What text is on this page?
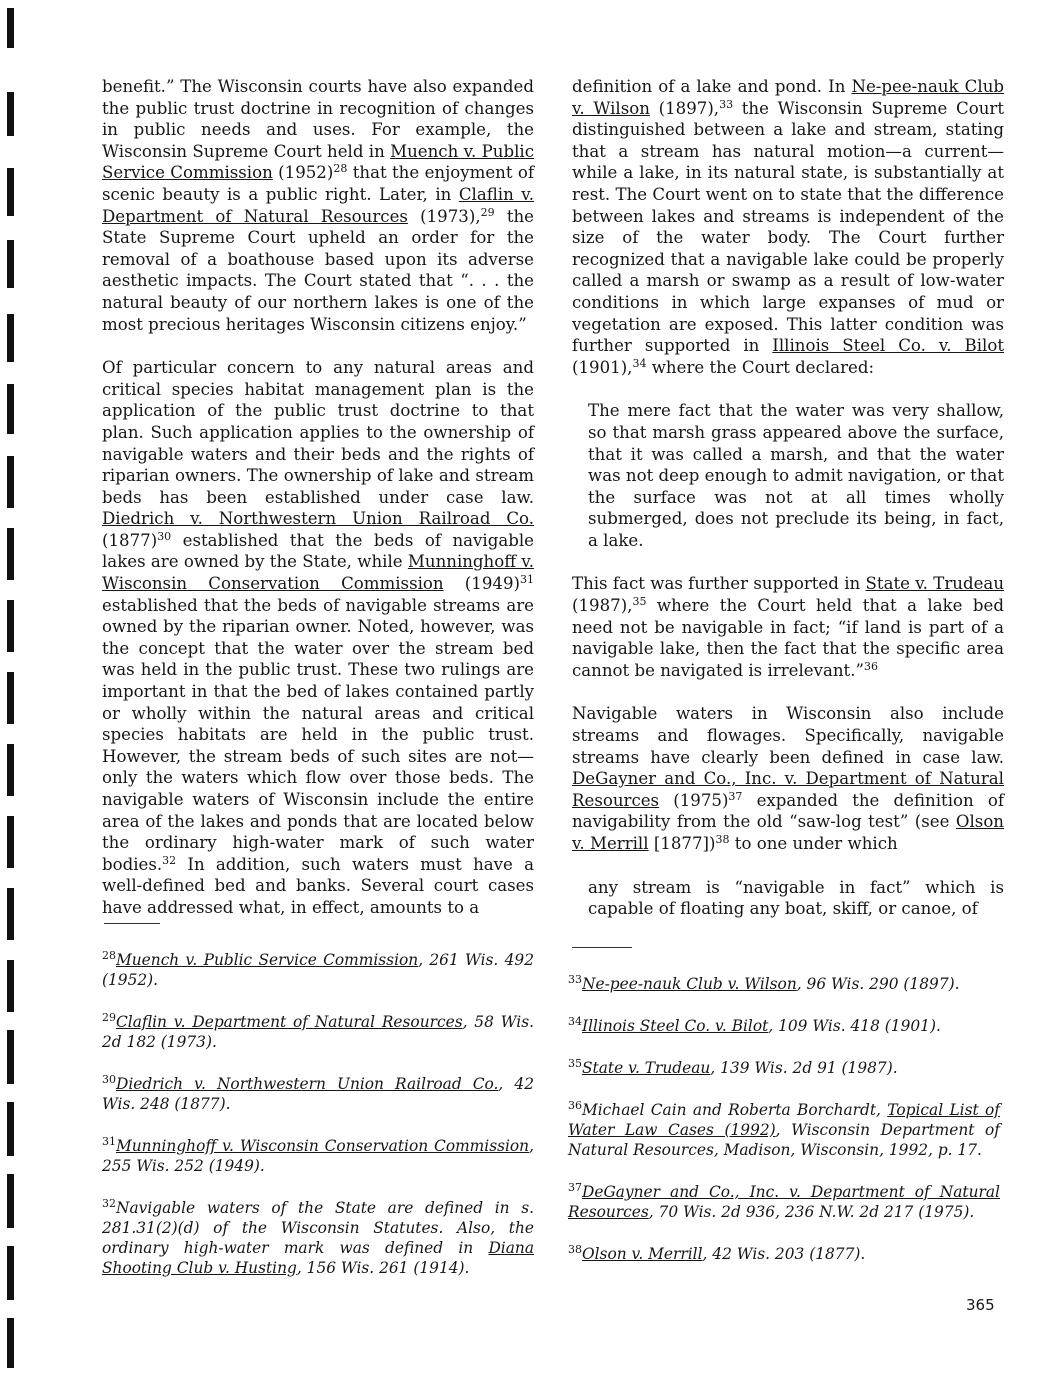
benefit.” The Wisconsin courts have also expanded the public trust doctrine in recognition of changes in public needs and uses. For example, the Wisconsin Supreme Court held in Muench v. Public Service Commission $(1952)^{28}$ that the enjoyment of scenic beauty is a public right. Later, in Claflin v. Department of Natural Resources (1973),$^{29}$ the State Supreme Court upheld an order for the removal of a boathouse based upon its adverse aesthetic impacts. The Court stated that “. . . the natural beauty of our northern lakes is one of the most precious heritages Wisconsin citizens enjoy.”

Of particular concern to any natural areas and critical species habitat management plan is the application of the public trust doctrine to that plan. Such application applies to the ownership of navigable waters and their beds and the rights of riparian owners. The ownership of lake and stream beds has been established under case law. Diedrich v. Northwestern Union Railroad Co. $(1877)^{30}$ established that the beds of navigable lakes are owned by the State, while Munninghoff v. Wisconsin Conservation Commission $(1949)^{31}$ established that the beds of navigable streams are owned by the riparian owner. Noted, however, was the concept that the water over the stream bed was held in the public trust. These two rulings are important in that the bed of lakes contained partly or wholly within the natural areas and critical species habitats are held in the public trust. However, the stream beds of such sites are not—only the waters which flow over those beds. The navigable waters of Wisconsin include the entire area of the lakes and ponds that are located below the ordinary high-water mark of such water bodies.$^{32}$ In addition, such waters must have a well-defined bed and banks. Several court cases have addressed what, in effect, amounts to a

definition of a lake and pond. In Ne-pee-nauk Club v. Wilson (1897),$^{33}$ the Wisconsin Supreme Court distinguished between a lake and stream, stating that a stream has natural motion—a current—while a lake, in its natural state, is substantially at rest. The Court went on to state that the difference between lakes and streams is independent of the size of the water body. The Court further recognized that a navigable lake could be properly called a marsh or swamp as a result of low-water conditions in which large expanses of mud or vegetation are exposed. This latter condition was further supported in Illinois Steel Co. v. Bilot (1901),$^{34}$ where the Court declared:

The mere fact that the water was very shallow, so that marsh grass appeared above the surface, that it was called a marsh, and that the water was not deep enough to admit navigation, or that the surface was not at all times wholly submerged, does not preclude its being, in fact, a lake.

This fact was further supported in State v. Trudeau (1987),$^{35}$ where the Court held that a lake bed need not be navigable in fact; “if land is part of a navigable lake, then the fact that the specific area cannot be navigated is irrelevant.”$^{36}$

Navigable waters in Wisconsin also include streams and flowages. Specifically, navigable streams have clearly been defined in case law. DeGayner and Co., Inc. v. Department of Natural Resources $(1975)^{37}$ expanded the definition of navigability from the old “saw-log test” (see Olson v. Merrill [1877])$^{38}$ to one under which

any stream is “navigable in fact” which is capable of floating any boat, skiff, or canoe, of

$^{28}$Muench v. Public Service Commission, 261 Wis. 492 (1952).

$^{29}$Claflin v. Department of Natural Resources, 58 Wis. 2d 182 (1973).

$^{30}$Diedrich v. Northwestern Union Railroad Co., 42 Wis. 248 (1877).

$^{31}$Munninghoff v. Wisconsin Conservation Commission, 255 Wis. 252 (1949).

$^{32}$Navigable waters of the State are defined in s. 281.31(2)(d) of the Wisconsin Statutes. Also, the ordinary high-water mark was defined in Diana Shooting Club v. Husting, 156 Wis. 261 (1914).

$^{33}$Ne-pee-nauk Club v. Wilson, 96 Wis. 290 (1897).

$^{34}$Illinois Steel Co. v. Bilot, 109 Wis. 418 (1901).

$^{35}$State v. Trudeau, 139 Wis. 2d 91 (1987).

$^{36}$Michael Cain and Roberta Borchardt, Topical List of Water Law Cases (1992), Wisconsin Department of Natural Resources, Madison, Wisconsin, 1992, p. 17.

$^{37}$DeGayner and Co., Inc. v. Department of Natural Resources, 70 Wis. 2d 936, 236 N.W. 2d 217 (1975).

$^{38}$Olson v. Merrill, 42 Wis. 203 (1877).

365
